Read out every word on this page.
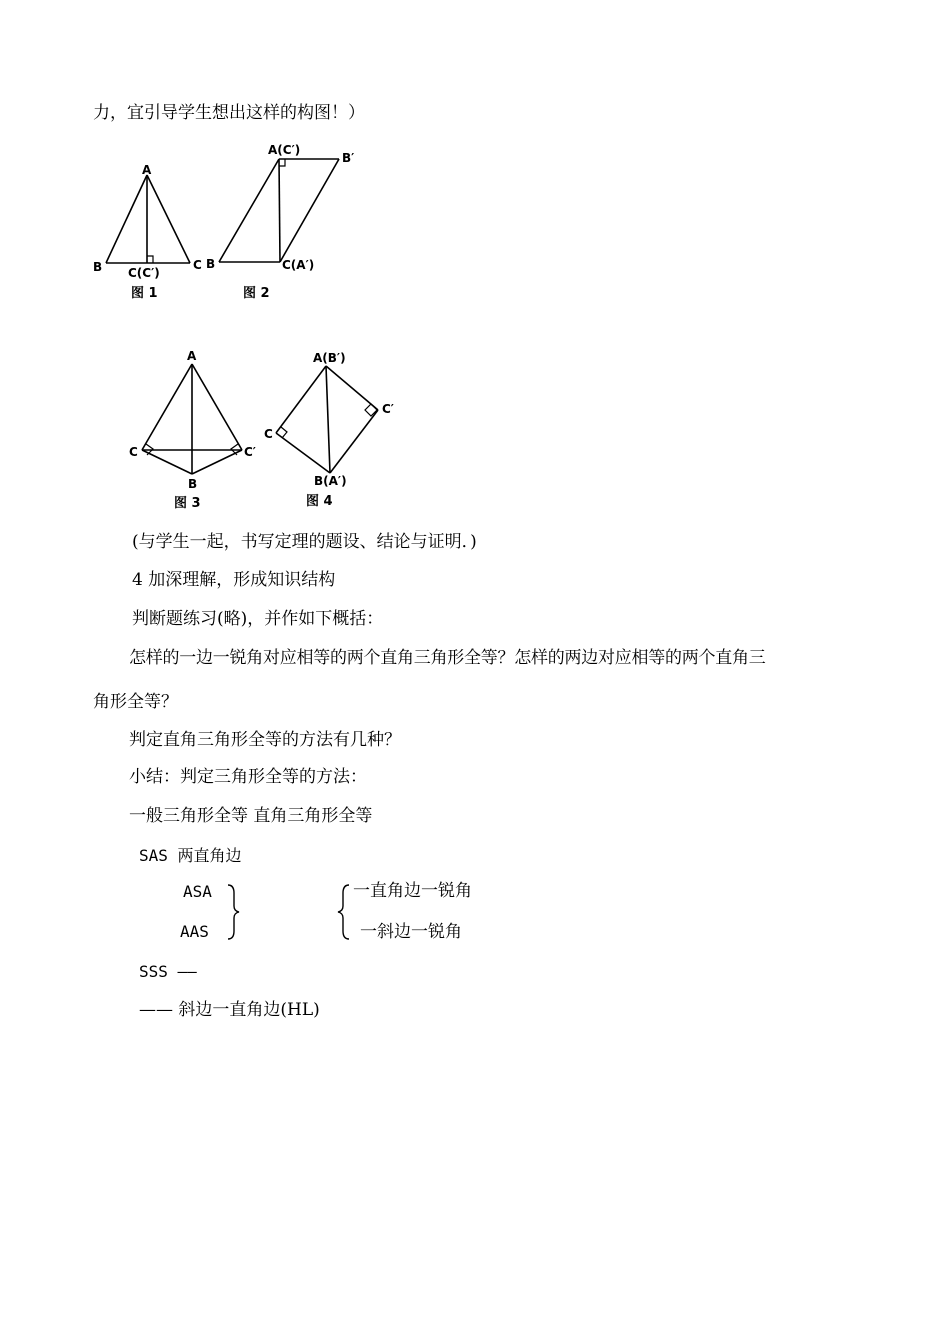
力，宜引导学生想出这样的构图！）
A
B	C
C(C′)
图 1
A(C′)
B′
B	C(A′)
图 2
A
C	C′
B
图 3
A(B′)
C′
C
B(A′)
图 4
(与学生一起，书写定理的题设、结论与证明．)
4 加深理解，形成知识结构
判断题练习(略)，并作如下概括：
怎样的一边一锐角对应相等的两个直角三角形全等？怎样的两边对应相等的两个直角三
角形全等？
判定直角三角形全等的方法有几种？
小结：判定三角形全等的方法：
一般三角形全等 直角三角形全等
SAS 两直角边
ASA
AAS
一直角边一锐角
一斜边一锐角
SSS ——
—— 斜边一直角边(HL)
